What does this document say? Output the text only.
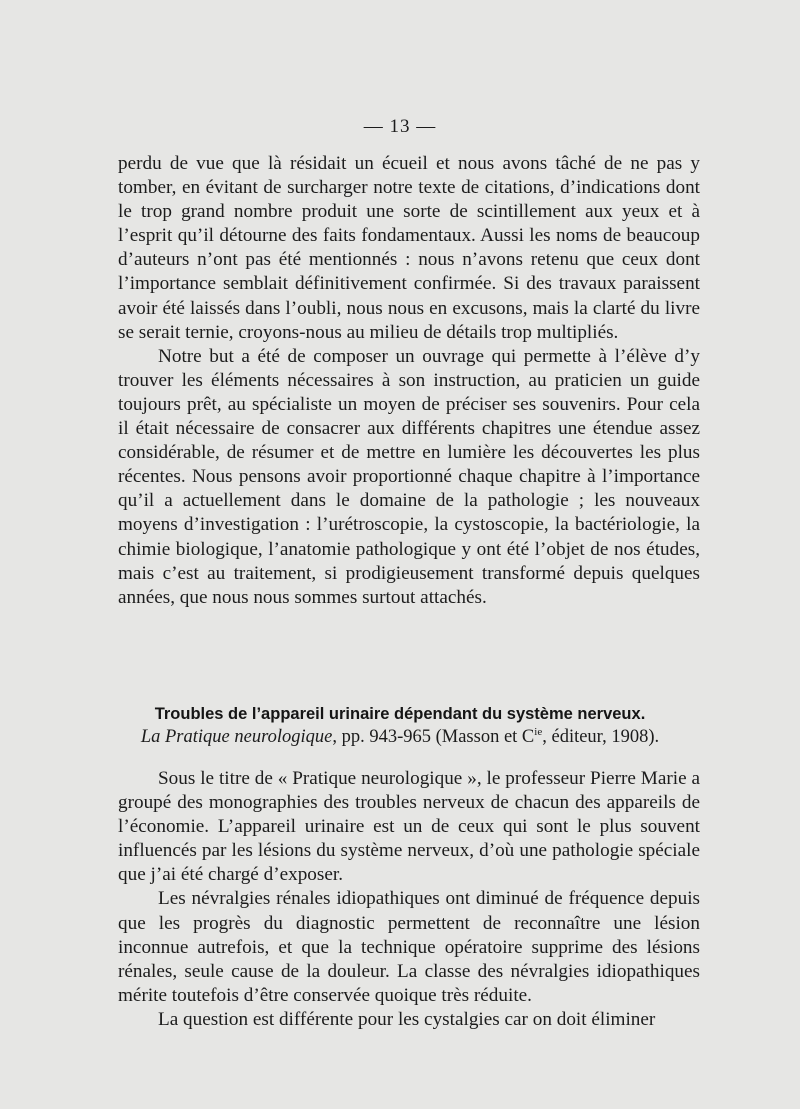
— 13 —

perdu de vue que là résidait un écueil et nous avons tâché de ne pas y tomber, en évitant de surcharger notre texte de citations, d’indications dont le trop grand nombre produit une sorte de scintillement aux yeux et à l’esprit qu’il détourne des faits fondamentaux. Aussi les noms de beaucoup d’auteurs n’ont pas été mentionnés : nous n’avons retenu que ceux dont l’importance semblait définitivement confirmée. Si des travaux paraissent avoir été laissés dans l’oubli, nous nous en excusons, mais la clarté du livre se serait ternie, croyons-nous au milieu de détails trop multipliés.

Notre but a été de composer un ouvrage qui permette à l’élève d’y trouver les éléments nécessaires à son instruction, au praticien un guide toujours prêt, au spécialiste un moyen de préciser ses souvenirs. Pour cela il était nécessaire de consacrer aux différents chapitres une étendue assez considérable, de résumer et de mettre en lumière les découvertes les plus récentes. Nous pensons avoir proportionné chaque chapitre à l’importance qu’il a actuellement dans le domaine de la pathologie ; les nouveaux moyens d’investigation : l’urétroscopie, la cystoscopie, la bactériologie, la chimie biologique, l’anatomie pathologique y ont été l’objet de nos études, mais c’est au traitement, si prodigieusement transformé depuis quelques années, que nous nous sommes surtout attachés.

Troubles de l’appareil urinaire dépendant du système nerveux.
La Pratique neurologique, pp. 943-965 (Masson et $C^{ie}$, éditeur, 1908).

Sous le titre de « Pratique neurologique », le professeur Pierre Marie a groupé des monographies des troubles nerveux de chacun des appareils de l’économie. L’appareil urinaire est un de ceux qui sont le plus souvent influencés par les lésions du système nerveux, d’où une pathologie spéciale que j’ai été chargé d’exposer.

Les névralgies rénales idiopathiques ont diminué de fréquence depuis que les progrès du diagnostic permettent de reconnaître une lésion inconnue autrefois, et que la technique opératoire supprime des lésions rénales, seule cause de la douleur. La classe des névralgies idiopathiques mérite toutefois d’être conservée quoique très réduite.

La question est différente pour les cystalgies car on doit éliminer
